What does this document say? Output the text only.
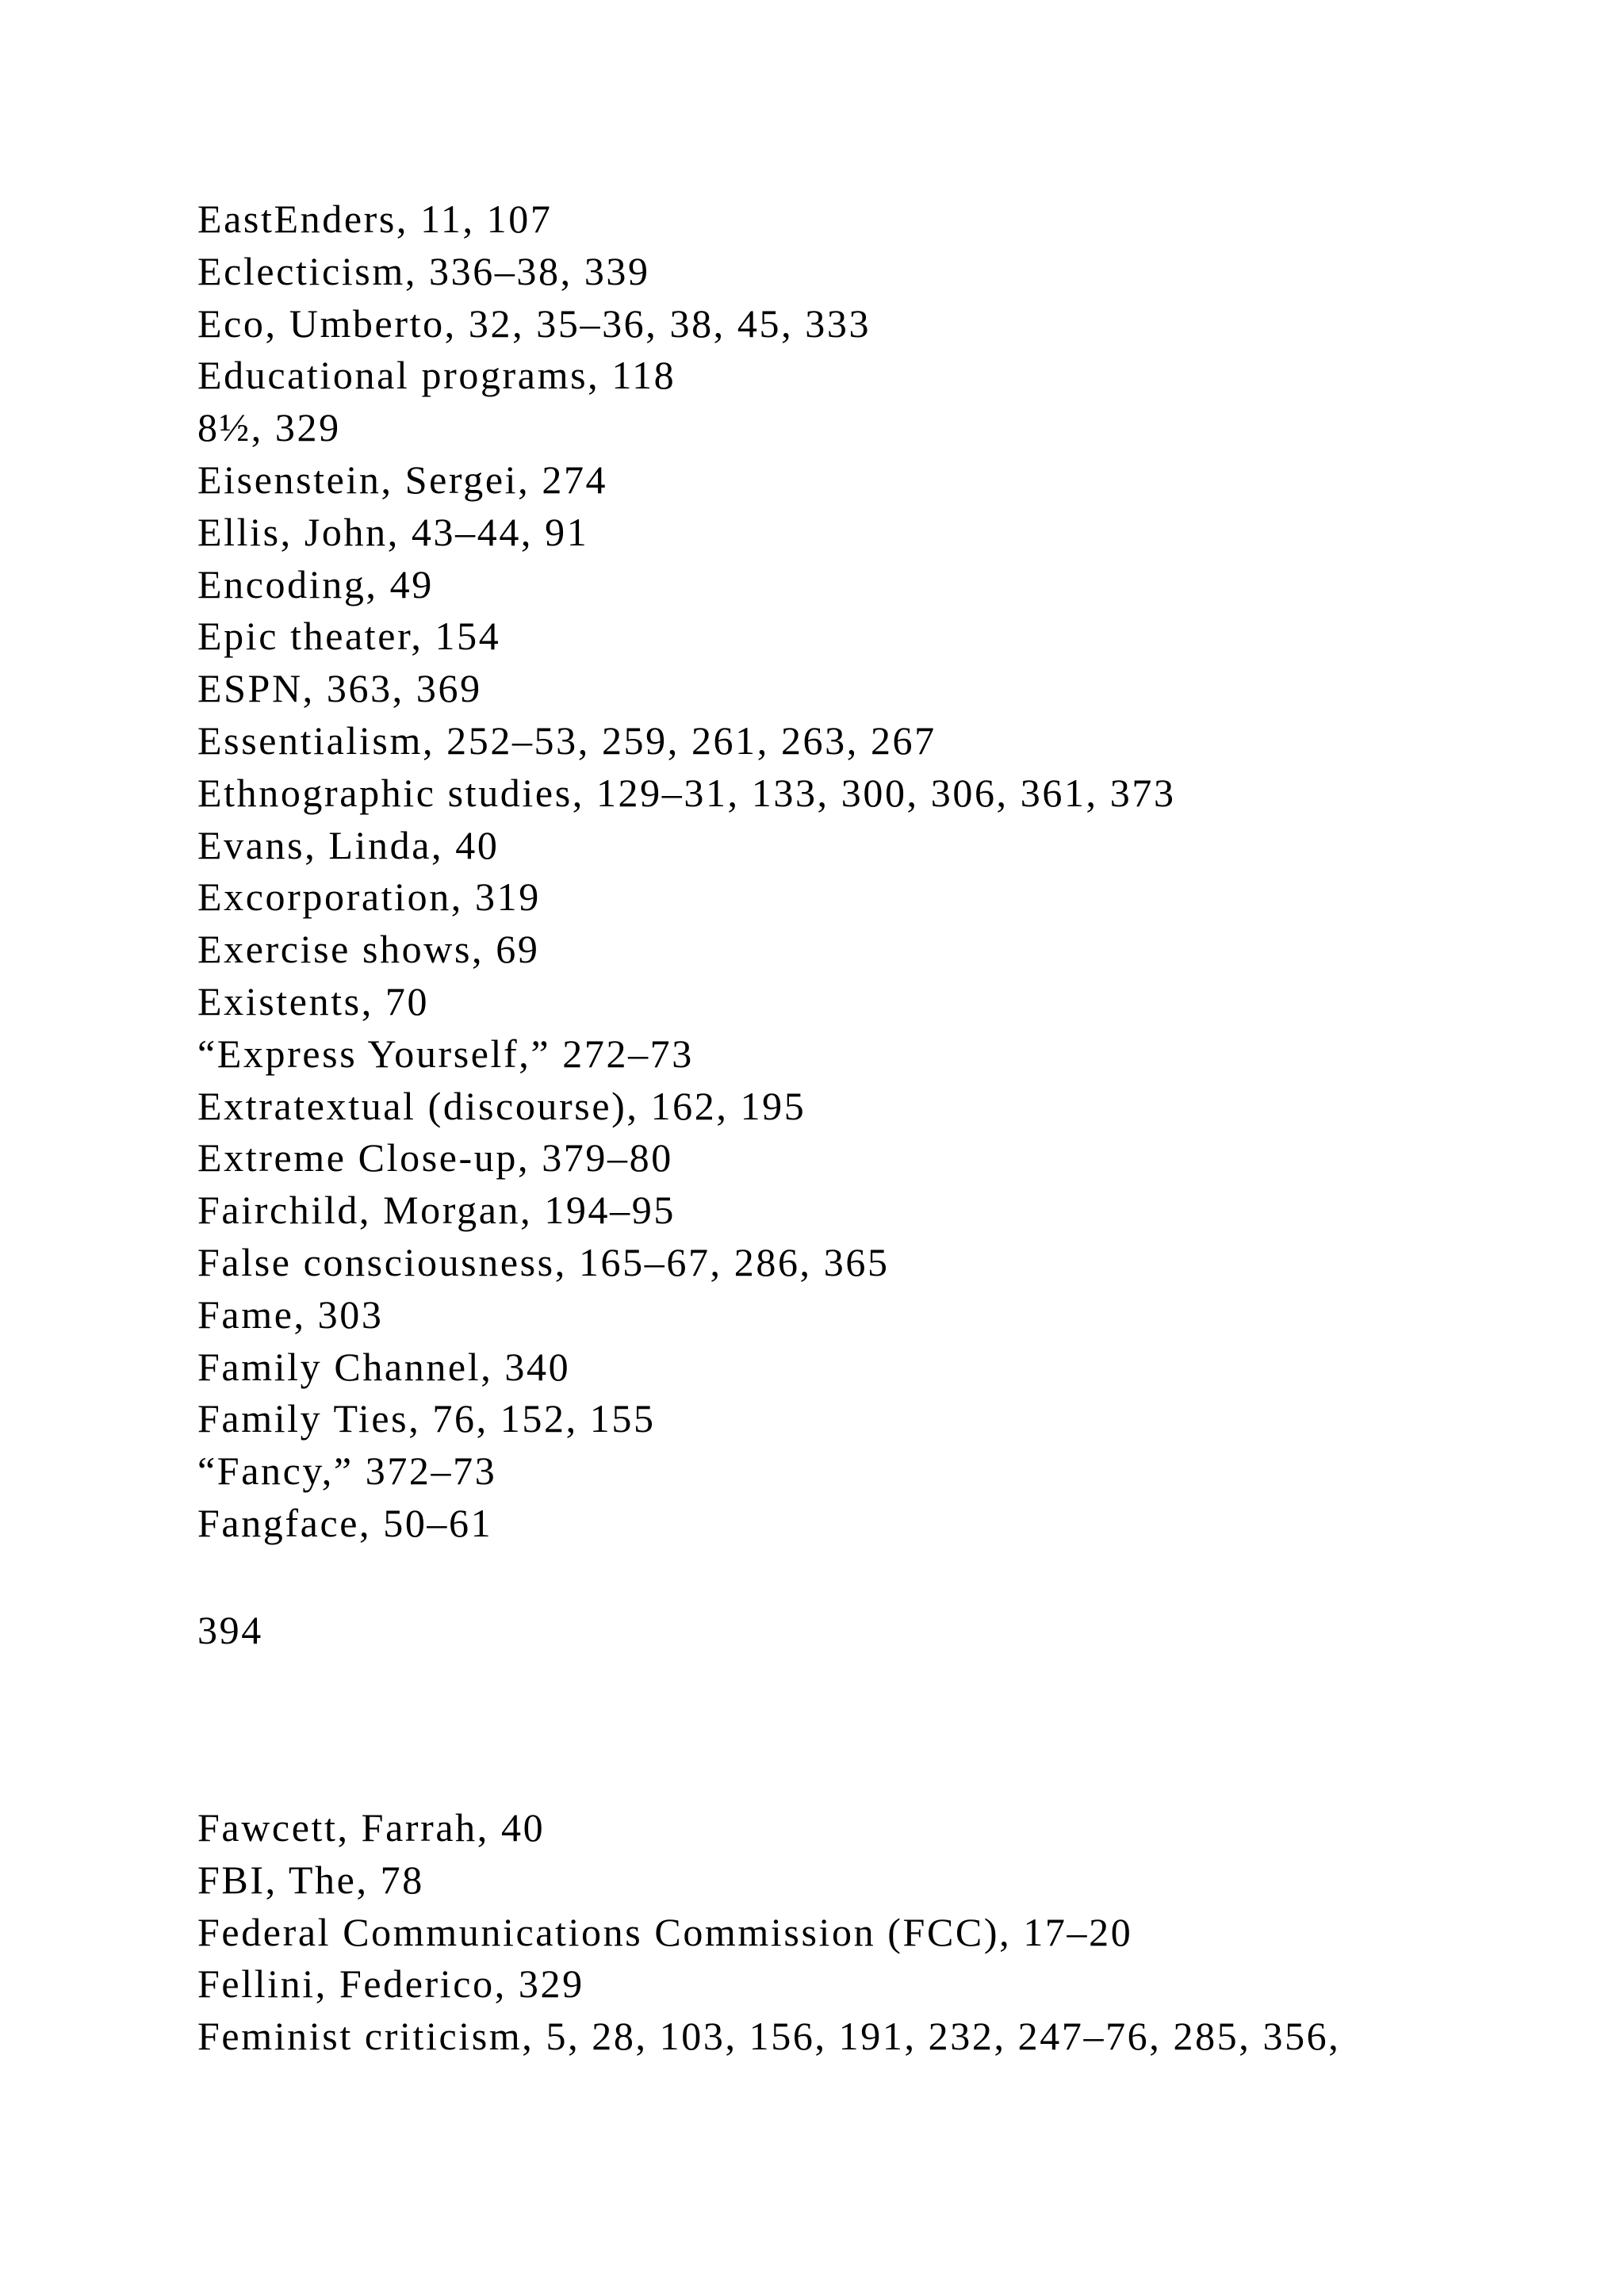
EastEnders, 11, 107
Eclecticism, 336–38, 339
Eco, Umberto, 32, 35–36, 38, 45, 333
Educational programs, 118
8½, 329
Eisenstein, Sergei, 274
Ellis, John, 43–44, 91
Encoding, 49
Epic theater, 154
ESPN, 363, 369
Essentialism, 252–53, 259, 261, 263, 267
Ethnographic studies, 129–31, 133, 300, 306, 361, 373
Evans, Linda, 40
Excorporation, 319
Exercise shows, 69
Existents, 70
“Express Yourself,” 272–73
Extratextual (discourse), 162, 195
Extreme Close-up, 379–80
Fairchild, Morgan, 194–95
False consciousness, 165–67, 286, 365
Fame, 303
Family Channel, 340
Family Ties, 76, 152, 155
“Fancy,” 372–73
Fangface, 50–61
394
Fawcett, Farrah, 40
FBI, The, 78
Federal Communications Commission (FCC), 17–20
Fellini, Federico, 329
Feminist criticism, 5, 28, 103, 156, 191, 232, 247–76, 285, 356,
